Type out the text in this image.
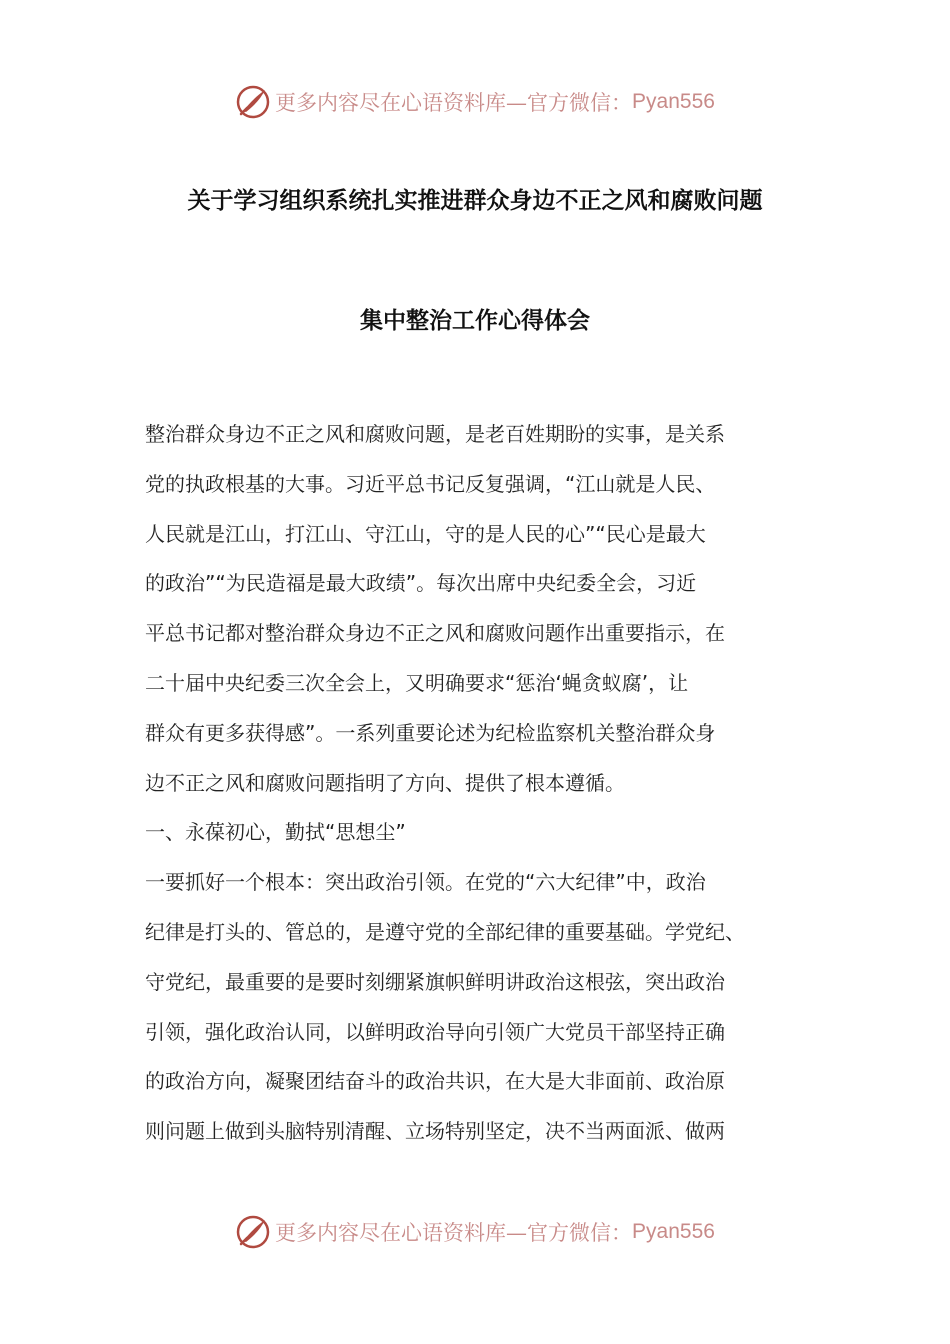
更多内容尽在心语资料库—官方微信： Pyan556
关于学习组织系统扎实推进群众身边不正之风和腐败问题
集中整治工作心得体会
整治群众身边不正之风和腐败问题，是老百姓期盼的实事，是关系
党的执政根基的大事。习近平总书记反复强调，“江山就是人民、
人民就是江山，打江山、守江山，守的是人民的心”“民心是最大
的政治”“为民造福是最大政绩”。每次出席中央纪委全会，习近
平总书记都对整治群众身边不正之风和腐败问题作出重要指示，在
二十届中央纪委三次全会上，又明确要求“惩治‘蝇贪蚁腐’，让
群众有更多获得感”。一系列重要论述为纪检监察机关整治群众身
边不正之风和腐败问题指明了方向、提供了根本遵循。
一、永葆初心，勤拭“思想尘”
一要抓好一个根本：突出政治引领。在党的“六大纪律”中，政治
纪律是打头的、管总的，是遵守党的全部纪律的重要基础。学党纪、
守党纪，最重要的是要时刻绷紧旗帜鲜明讲政治这根弦，突出政治
引领，强化政治认同，以鲜明政治导向引领广大党员干部坚持正确
的政治方向，凝聚团结奋斗的政治共识，在大是大非面前、政治原
则问题上做到头脑特别清醒、立场特别坚定，决不当两面派、做两
更多内容尽在心语资料库—官方微信： Pyan556
